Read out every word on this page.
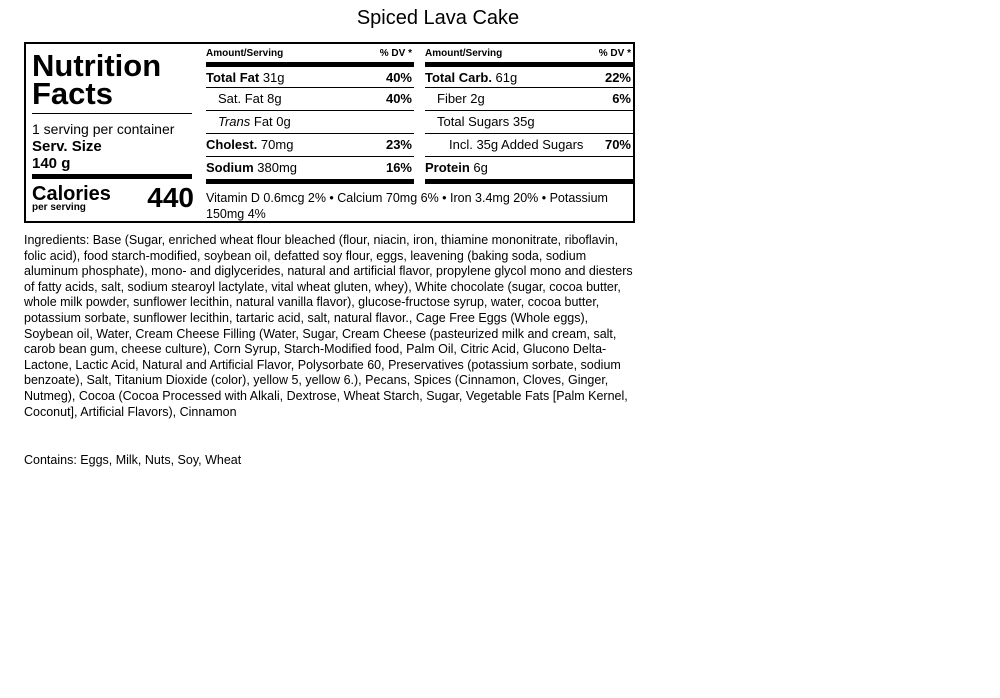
Spiced Lava Cake
Nutrition
Facts
1 serving per container
Serv. Size
140 g
Calories
per serving 440
Amount/Serving	% DV *
Total Fat 31g	40%
Sat. Fat 8g	40%
Trans Fat 0g
Cholest. 70mg	23%
Sodium 380mg	16%
Amount/Serving	% DV *
Total Carb. 61g	22%
Fiber 2g	6%
Total Sugars 35g
Incl. 35g Added Sugars 70%
Protein 6g
Vitamin D 0.6mcg 2% • Calcium 70mg 6% • Iron 3.4mg 20% • Potassium 150mg 4%
Ingredients: Base (Sugar, enriched wheat flour bleached (flour, niacin, iron, thiamine mononitrate, riboflavin, folic acid), food starch-modified, soybean oil, defatted soy flour, eggs, leavening (baking soda, sodium aluminum phosphate), mono- and diglycerides, natural and artificial flavor, propylene glycol mono and diesters of fatty acids, salt, sodium stearoyl lactylate, vital wheat gluten, whey), White chocolate (sugar, cocoa butter, whole milk powder, sunflower lecithin, natural vanilla flavor), glucose-fructose syrup, water, cocoa butter, potassium sorbate, sunflower lecithin, tartaric acid, salt, natural flavor., Cage Free Eggs (Whole eggs), Soybean oil, Water, Cream Cheese Filling (Water, Sugar, Cream Cheese (pasteurized milk and cream, salt, carob bean gum, cheese culture), Corn Syrup, Starch-Modified food, Palm Oil, Citric Acid, Glucono Delta-Lactone, Lactic Acid, Natural and Artificial Flavor, Polysorbate 60, Preservatives (potassium sorbate, sodium benzoate), Salt, Titanium Dioxide (color), yellow 5, yellow 6.), Pecans, Spices (Cinnamon, Cloves, Ginger, Nutmeg), Cocoa (Cocoa Processed with Alkali, Dextrose, Wheat Starch, Sugar, Vegetable Fats [Palm Kernel, Coconut], Artificial Flavors), Cinnamon
Contains: Eggs, Milk, Nuts, Soy, Wheat
